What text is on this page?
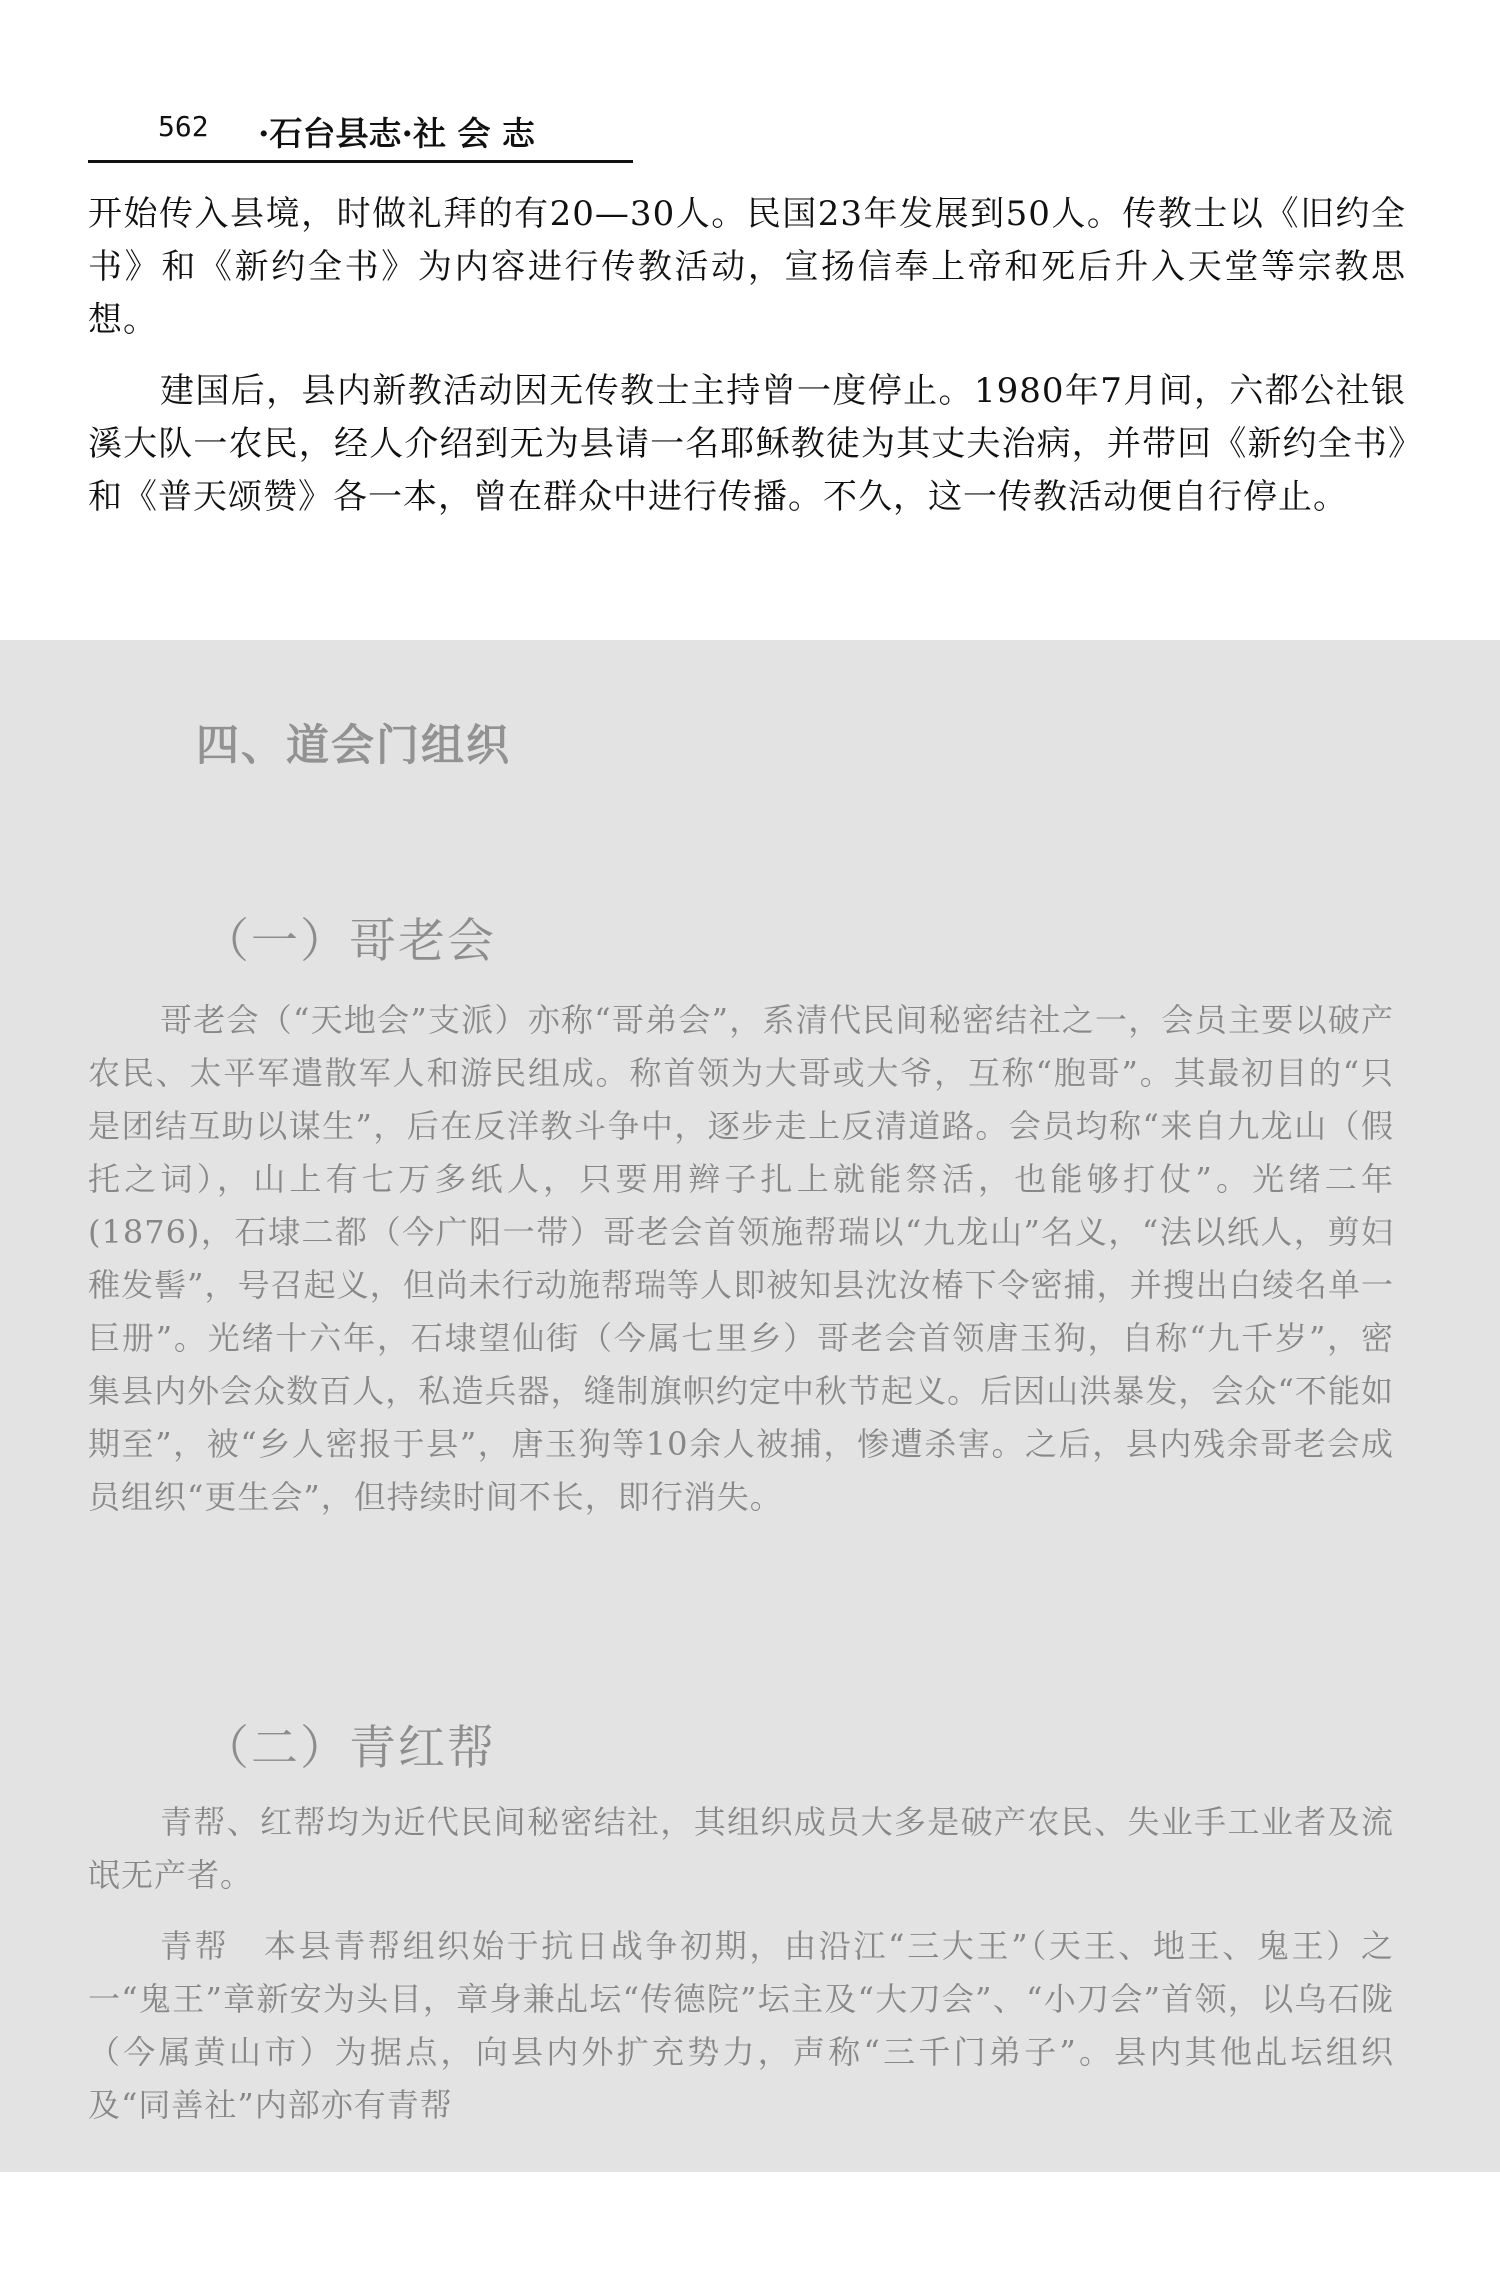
562 ·石台县志·社 会 志

开始传入县境，时做礼拜的有20—30人。民国23年发展到50人。传教士以《旧约全书》和《新约全书》为内容进行传教活动，宣扬信奉上帝和死后升入天堂等宗教思想。

建国后，县内新教活动因无传教士主持曾一度停止。1980年7月间，六都公社银溪大队一农民，经人介绍到无为县请一名耶稣教徒为其丈夫治病，并带回《新约全书》和《普天颂赞》各一本，曾在群众中进行传播。不久，这一传教活动便自行停止。

四、道会门组织
（一）哥老会

哥老会（“天地会”支派）亦称“哥弟会”，系清代民间秘密结社之一，会员主要以破产农民、太平军遣散军人和游民组成。称首领为大哥或大爷，互称“胞哥”。其最初目的“只是团结互助以谋生”，后在反洋教斗争中，逐步走上反清道路。会员均称“来自九龙山（假托之词），山上有七万多纸人，只要用辫子扎上就能祭活，也能够打仗”。光绪二年(1876)，石埭二都（今广阳一带）哥老会首领施帮瑞以“九龙山”名义，“法以纸人，剪妇稚发髻”，号召起义，但尚未行动施帮瑞等人即被知县沈汝椿下令密捕，并搜出白绫名单一巨册”。光绪十六年，石埭望仙街（今属七里乡）哥老会首领唐玉狗，自称“九千岁”，密集县内外会众数百人，私造兵器，缝制旗帜约定中秋节起义。后因山洪暴发，会众“不能如期至”，被“乡人密报于县”，唐玉狗等10余人被捕，惨遭杀害。之后，县内残余哥老会成员组织“更生会”，但持续时间不长，即行消失。

（二）青红帮

青帮、红帮均为近代民间秘密结社，其组织成员大多是破产农民、失业手工业者及流氓无产者。

青帮　本县青帮组织始于抗日战争初期，由沿江“三大王”（天王、地王、鬼王）之一“鬼王”章新安为头目，章身兼乩坛“传德院”坛主及“大刀会”、“小刀会”首领，以乌石陇（今属黄山市）为据点，向县内外扩充势力，声称“三千门弟子”。县内其他乩坛组织及“同善社”内部亦有青帮
